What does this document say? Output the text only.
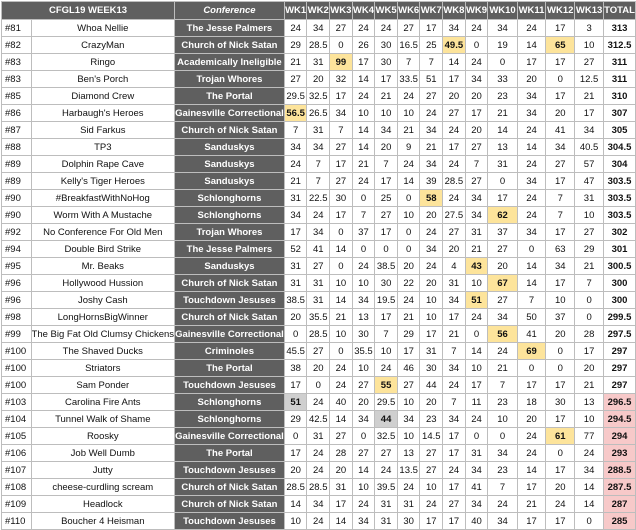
CFGL19 WEEK13		Conference	WK1	WK2	WK3	WK4	WK5	WK6	WK7	WK8	WK9	WK10	WK11	WK12	WK13	TOTAL
#81	Whoa Nellie	The Jesse Palmers	24	34	27	24	24	27	17	34	24	34	24	17	3	313
#82	CrazyMan	Church of Nick Satan	29	28.5	0	26	30	16.5	25	49.5	0	19	14	65	10	312.5
#83	Ringo	Academically Ineligible	21	31	99	17	30	7	7	14	24	0	17	17	27	311
#83	Ben's Porch	Trojan Whores	27	20	32	14	17	33.5	51	17	34	33	20	0	12.5	311
#85	Diamond Crew	The Portal	29.5	32.5	17	24	21	24	27	20	20	23	34	17	21	310
#86	Harbaugh's Heroes	Gainesville Correctional	56.5	26.5	34	10	10	10	24	27	17	21	34	20	17	307
#87	Sid Farkus	Church of Nick Satan	7	31	7	14	34	21	34	24	20	14	24	41	34	305
#88	TP3	Sanduskys	34	34	27	14	20	9	21	17	27	13	14	34	40.5	304.5
#89	Dolphin Rape Cave	Sanduskys	24	7	17	21	7	24	34	24	7	31	24	27	57	304
#89	Kelly's Tiger Heroes	Sanduskys	21	7	27	24	17	14	39	28.5	27	0	34	17	47	303.5
#90	#BreakfastWithNoHog	Schlonghorns	31	22.5	30	0	25	0	58	24	34	17	24	7	31	303.5
#90	Worm With A Mustache	Schlonghorns	34	24	17	7	27	10	20	27.5	34	62	24	7	10	303.5
#92	No Conference For Old Men	Trojan Whores	17	34	0	37	17	0	24	27	31	37	34	17	27	302
#94	Double Bird Strike	The Jesse Palmers	52	41	14	0	0	0	34	20	21	27	0	63	29	301
#95	Mr. Beaks	Sanduskys	31	27	0	24	38.5	20	24	4	43	20	14	34	21	300.5
#96	Hollywood Hussion	Church of Nick Satan	31	31	10	10	30	22	20	31	10	67	14	17	7	300
#96	Joshy Cash	Touchdown Jesuses	38.5	31	14	34	19.5	24	10	34	51	27	7	10	0	300
#98	LongHornsBigWinner	Church of Nick Satan	20	35.5	21	13	17	21	10	17	24	34	50	37	0	299.5
#99	The Big Fat Old Clumsy Chickens	Gainesville Correctional	0	28.5	10	30	7	29	17	21	0	56	41	20	28	297.5
#100	The Shaved Ducks	Criminoles	45.5	27	0	35.5	10	17	31	7	14	24	69	0	17	297
#100	Striators	The Portal	38	20	24	10	24	46	30	34	10	21	0	0	20	297
#100	Sam Ponder	Touchdown Jesuses	17	0	24	27	55	27	44	24	17	7	17	17	21	297
#103	Carolina Fire Ants	Schlonghorns	51	24	40	20	29.5	10	20	7	11	23	18	30	13	296.5
#104	Tunnel Walk of Shame	Schlonghorns	29	42.5	14	34	44	34	23	34	24	10	20	17	10	294.5
#105	Roosky	Gainesville Correctional	0	31	27	0	32.5	10	14.5	17	0	0	24	61	77	294
#106	Job Well Dumb	The Portal	17	24	28	27	27	13	27	17	31	34	24	0	24	293
#107	Jutty	Touchdown Jesuses	20	24	20	14	24	13.5	27	24	34	23	14	17	34	288.5
#108	cheese-curdling scream	Church of Nick Satan	28.5	28.5	31	10	39.5	24	10	17	41	7	17	20	14	287.5
#109	Headlock	Church of Nick Satan	14	34	17	24	31	31	24	27	34	24	21	24	14	287
#110	Boucher 4 Heisman	Touchdown Jesuses	10	24	14	34	31	30	17	17	40	34	17	17	0	285
